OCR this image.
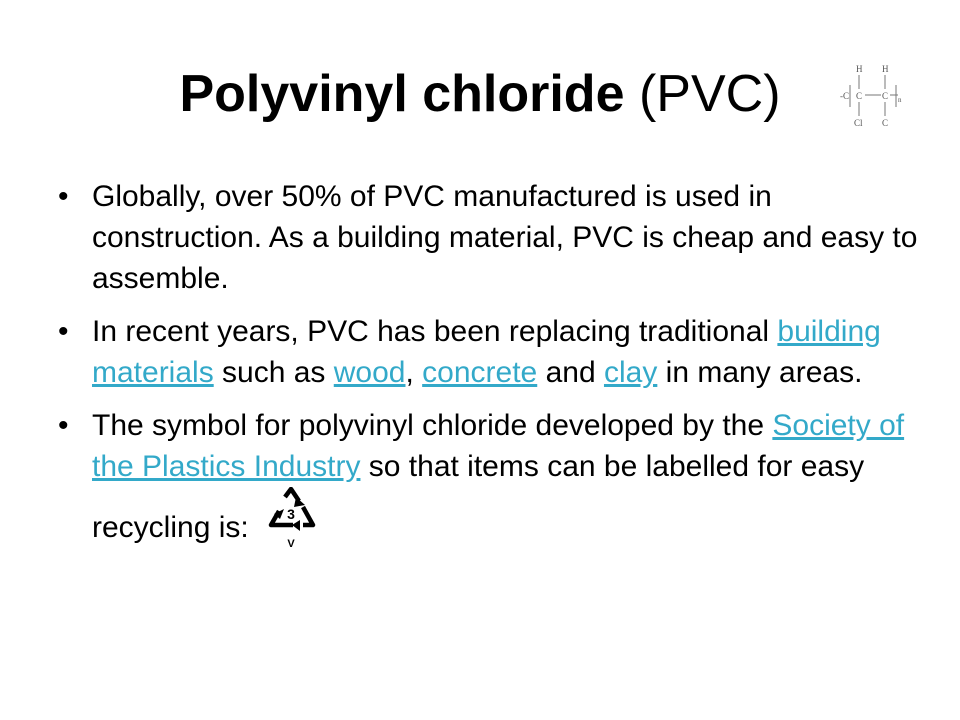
Polyvinyl chloride (PVC)	H H
-C C C n
Cl C
• Globally, over 50% of PVC manufactured is used in construction. As a building material, PVC is cheap and easy to assemble.
• In recent years, PVC has been replacing traditional building materials such as wood, concrete and clay in many areas.
• The symbol for polyvinyl chloride developed by the Society of the Plastics Industry so that items can be labelled for easy recycling is:	3
V
